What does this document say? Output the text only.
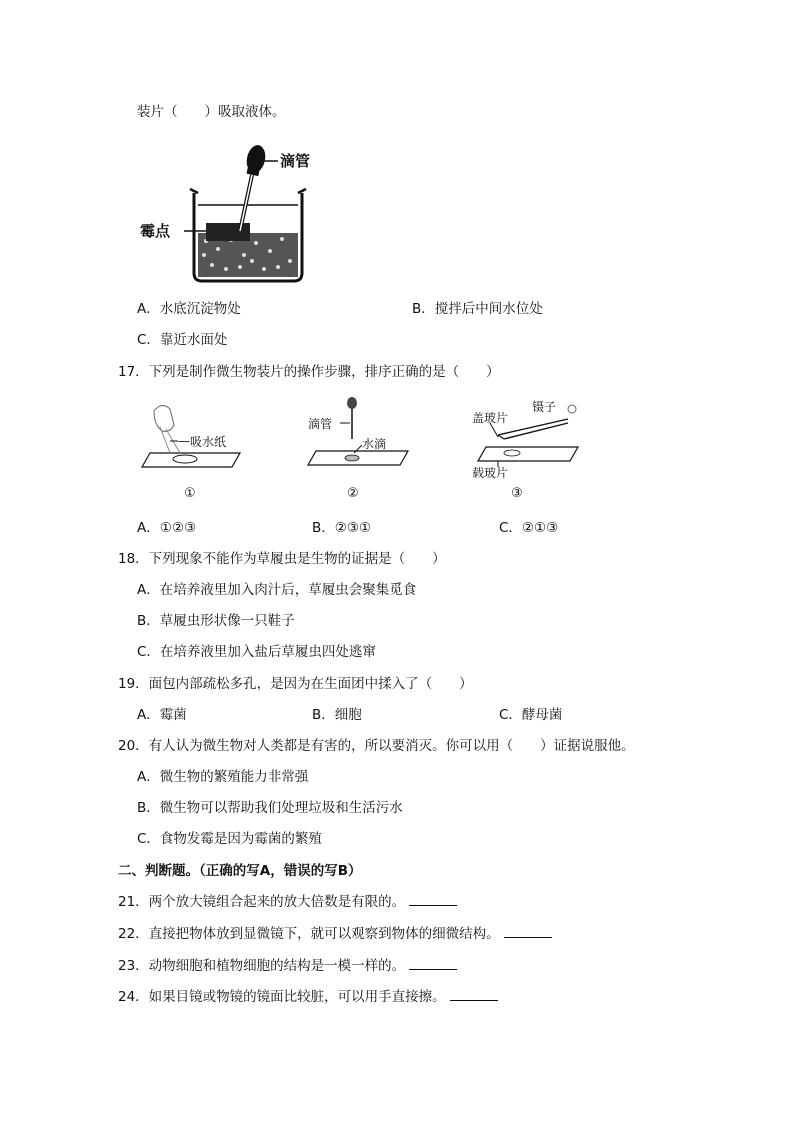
装片（　　）吸取液体。
滴管
霉点
A．水底沉淀物处	B．搅拌后中间水位处
C．靠近水面处
17．下列是制作微生物装片的操作步骤，排序正确的是（　　）
— 吸水纸
①
滴管
水滴
②
盖玻片
镊子
载玻片
③
A．①②③	B．②③①	C．②①③
18．下列现象不能作为草履虫是生物的证据是（　　）
A．在培养液里加入肉汁后，草履虫会聚集觅食
B．草履虫形状像一只鞋子
C．在培养液里加入盐后草履虫四处逃窜
19．面包内部疏松多孔，是因为在生面团中揉入了（　　）
A．霉菌	B．细胞	C．酵母菌
20．有人认为微生物对人类都是有害的，所以要消灭。你可以用（　　）证据说服他。
A．微生物的繁殖能力非常强
B．微生物可以帮助我们处理垃圾和生活污水
C．食物发霉是因为霉菌的繁殖
二、判断题。（正确的写A，错误的写B）
21．两个放大镜组合起来的放大倍数是有限的。
22．直接把物体放到显微镜下，就可以观察到物体的细微结构。
23．动物细胞和植物细胞的结构是一模一样的。
24．如果目镜或物镜的镜面比较脏，可以用手直接擦。
